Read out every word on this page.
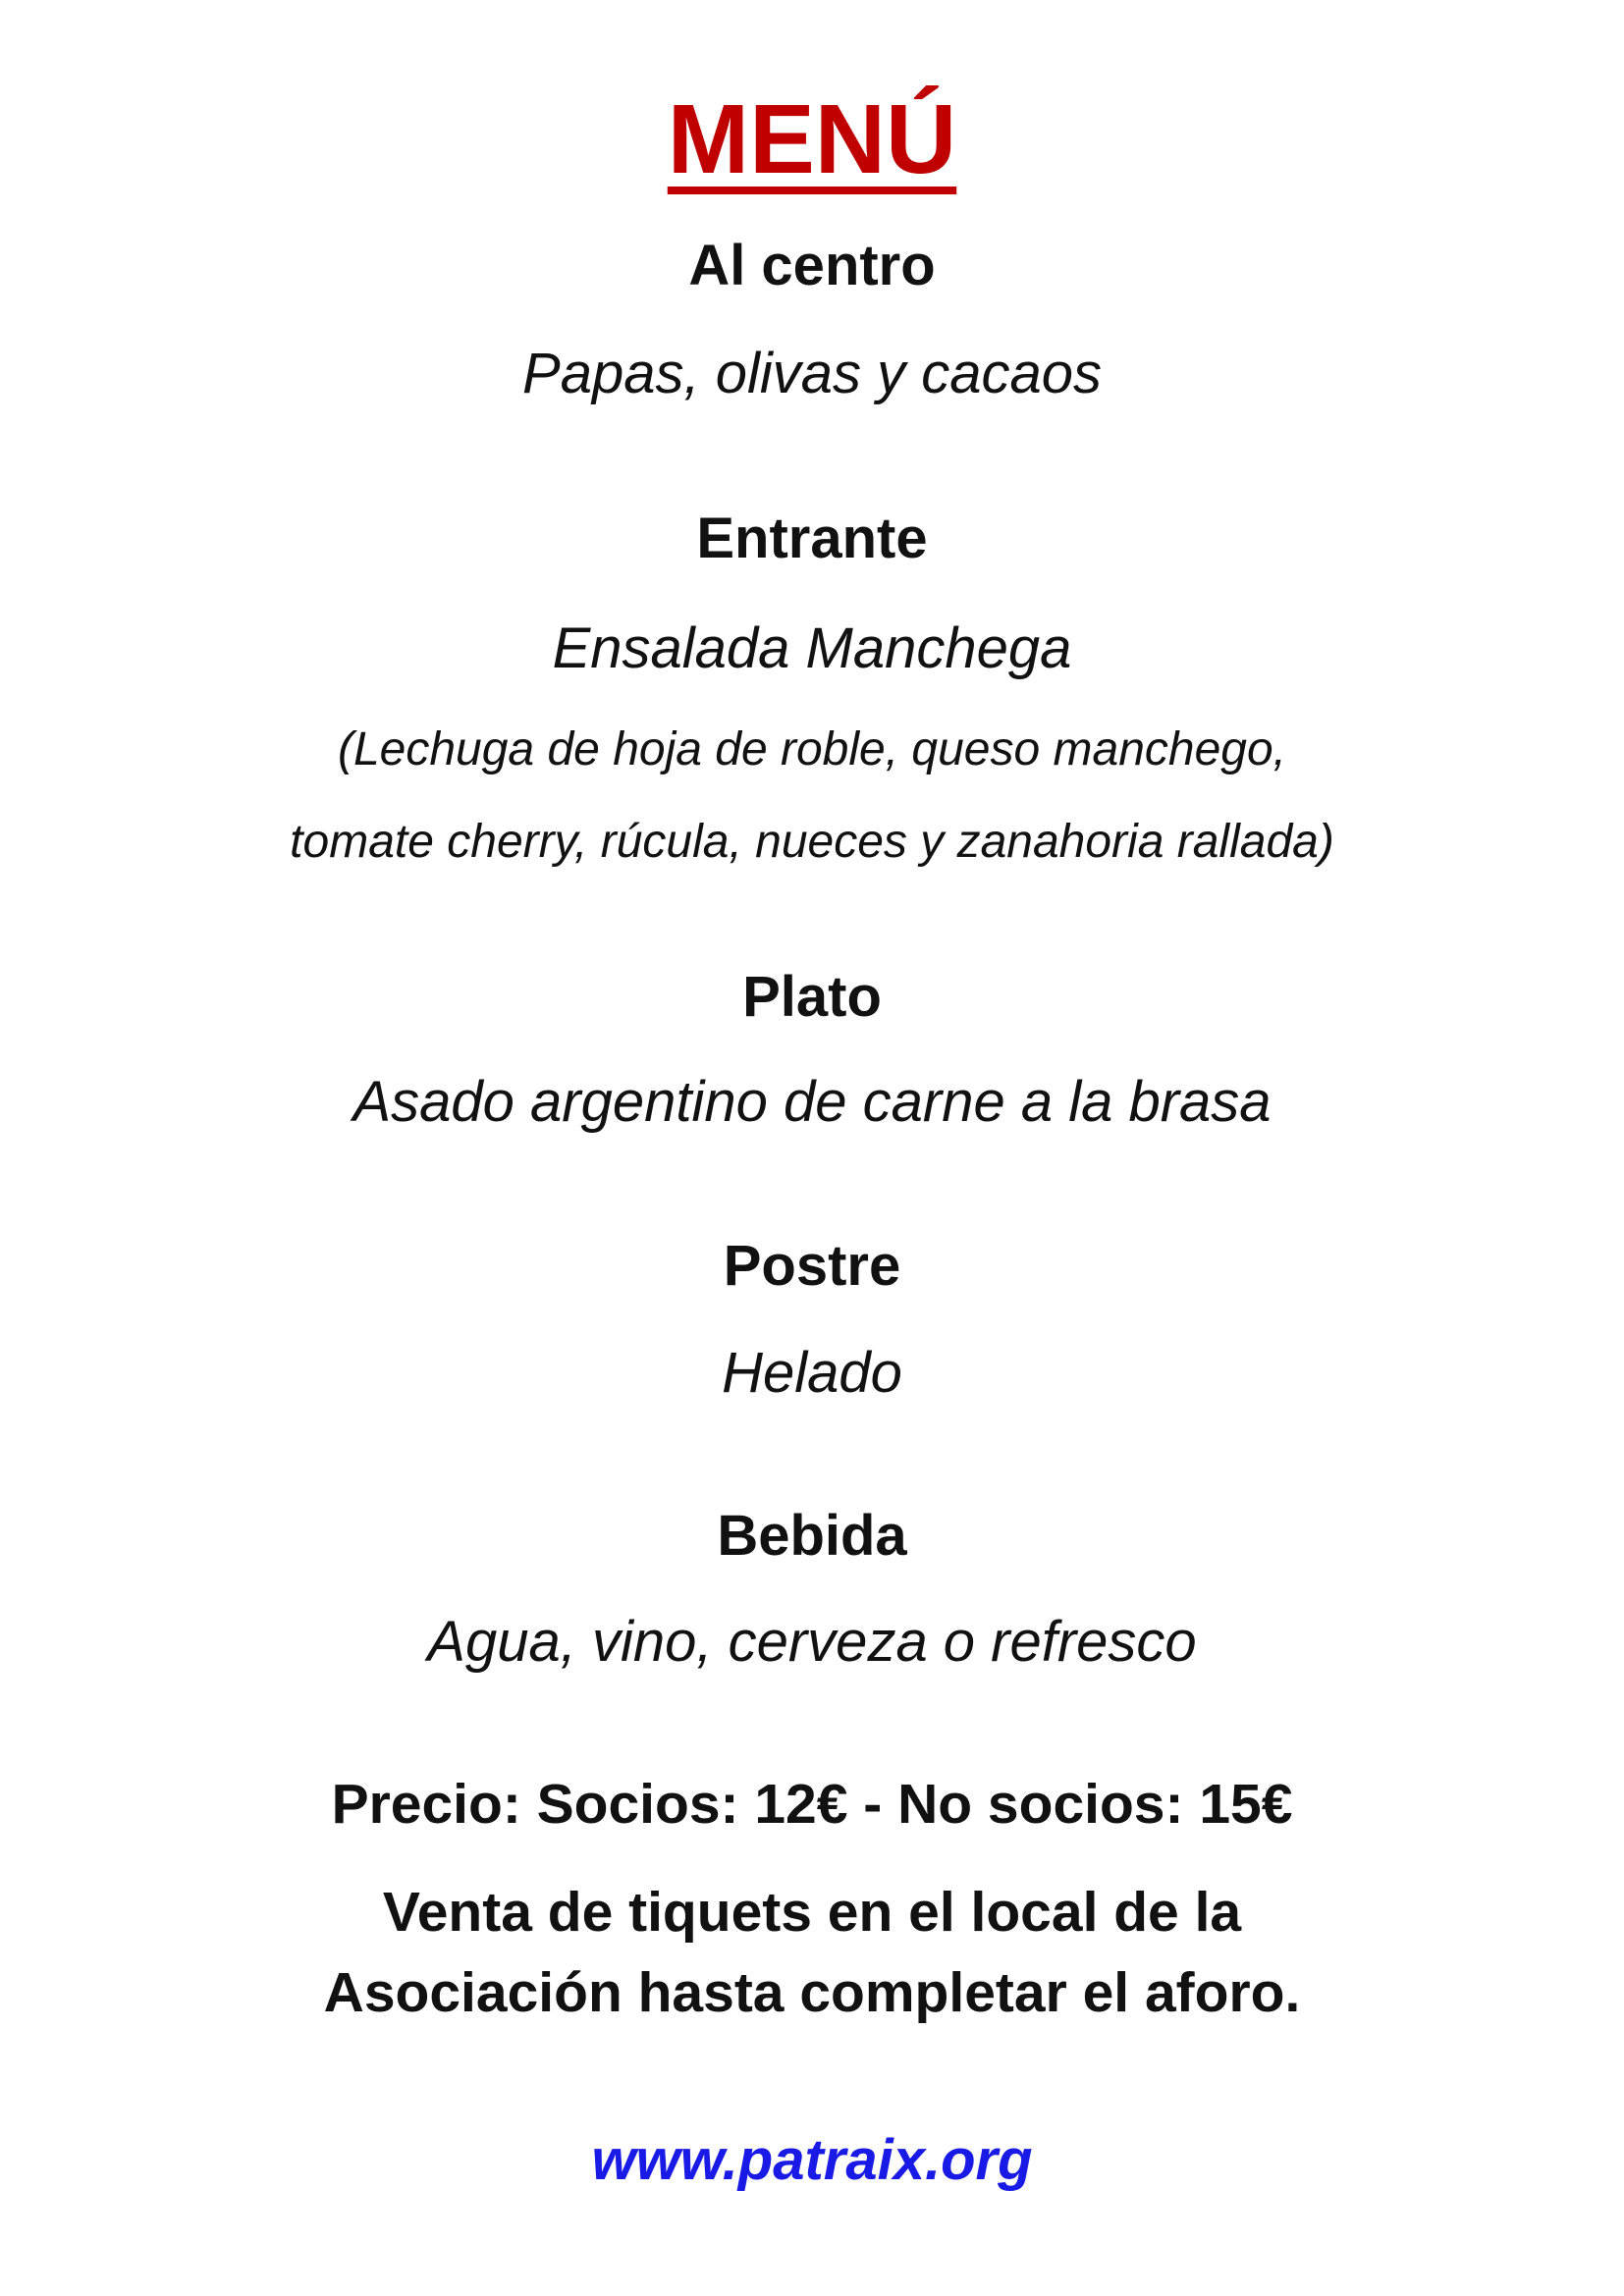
MENÚ
Al centro
Papas, olivas y cacaos
Entrante
Ensalada Manchega
(Lechuga de hoja de roble, queso manchego,
tomate cherry, rúcula, nueces y zanahoria rallada)
Plato
Asado argentino de carne a la brasa
Postre
Helado
Bebida
Agua, vino, cerveza o refresco
Precio: Socios: 12€ - No socios: 15€
Venta de tiquets en el local de la
Asociación hasta completar el aforo.
www.patraix.org
